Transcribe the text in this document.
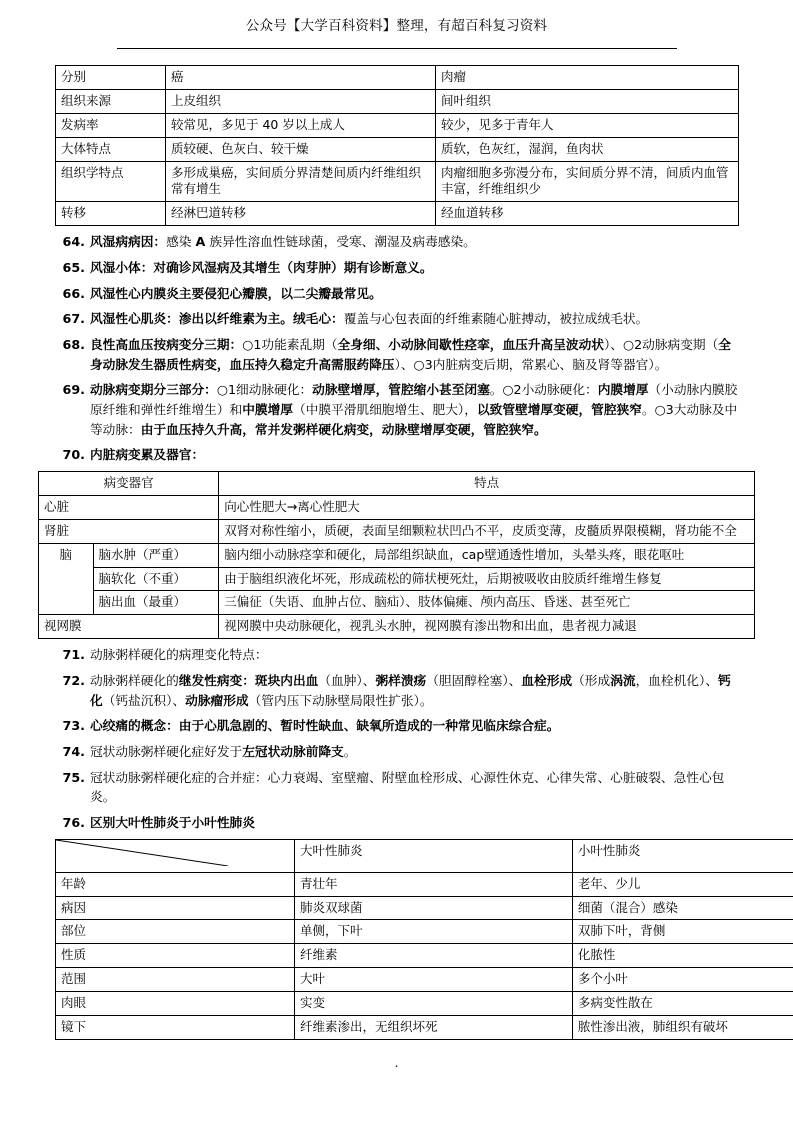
公众号【大学百科资料】整理，有超百科复习资料
分别	癌	肉瘤
组织来源	上皮组织	间叶组织
发病率	较常见，多见于 40 岁以上成人	较少，见多于青年人
大体特点	质较硬、色灰白、较干燥	质软，色灰红，湿润，鱼肉状
组织学特点	多形成巢癌，实间质分界清楚间质内纤维组织常有增生	肉瘤细胞多弥漫分布，实间质分界不清，间质内血管丰富，纤维组织少
转移	经淋巴道转移	经血道转移
64. 风湿病病因：感染 A 族异性溶血性链球菌，受寒、潮湿及病毒感染。
65. 风湿小体：对确诊风湿病及其增生（肉芽肿）期有诊断意义。
66. 风湿性心内膜炎主要侵犯心瓣膜，以二尖瓣最常见。
67. 风湿性心肌炎：渗出以纤维素为主。绒毛心：覆盖与心包表面的纤维素随心脏搏动，被拉成绒毛状。
68. 良性高血压按病变分三期：○1功能素乱期（全身细、小动脉间歇性痉挛，血压升高呈波动状）、○2动脉病变期（全身动脉发生器质性病变，血压持久稳定升高需服药降压）、○3内脏病变后期，常累心、脑及肾等器官）。
69. 动脉病变期分三部分：○1细动脉硬化：动脉壁增厚，管腔缩小甚至闭塞。○2小动脉硬化：内膜增厚（小动脉内膜胶原纤维和弹性纤维增生）和中膜增厚（中膜平滑肌细胞增生、肥大），以致管壁增厚变硬，管腔狭窄。○3大动脉及中等动脉：由于血压持久升高，常并发粥样硬化病变，动脉壁增厚变硬，管腔狭窄。
70. 内脏病变累及器官：
病变器官		特点
心脏		向心性肥大→离心性肥大
肾脏		双肾对称性缩小，质硬，表面呈细颗粒状凹凸不平，皮质变薄，皮髓质界限模糊，肾功能不全
脑	脑水肿（严重）	脑内细小动脉痉挛和硬化，局部组织缺血，cap壁通透性增加，头晕头疼，眼花呕吐
	脑软化（不重）	由于脑组织液化坏死，形成疏松的筛状梗死灶，后期被吸收由胶质纤维增生修复
	脑出血（最重）	三偏征（失语、血肿占位、脑疝）、肢体偏瘫、颅内高压、昏迷、甚至死亡
视网膜		视网膜中央动脉硬化，视乳头水肿，视网膜有渗出物和出血，患者视力减退
71. 动脉粥样硬化的病理变化特点：
72. 动脉粥样硬化的继发性病变：斑块内出血（血肿）、粥样溃疡（胆固醇栓塞）、血栓形成（形成涡流，血栓机化）、钙化（钙盐沉积）、动脉瘤形成（管内压下动脉壁局限性扩张）。
73. 心绞痛的概念：由于心肌急剧的、暂时性缺血、缺氧所造成的一种常见临床综合症。
74. 冠状动脉粥样硬化症好发于左冠状动脉前降支。
75. 冠状动脉粥样硬化症的合并症：心力衰竭、室壁瘤、附壁血栓形成、心源性休克、心律失常、心脏破裂、急性心包炎。
76. 区别大叶性肺炎于小叶性肺炎
	大叶性肺炎	小叶性肺炎
年龄	青壮年	老年、少儿
病因	肺炎双球菌	细菌（混合）感染
部位	单侧，下叶	双肺下叶，背侧
性质	纤维素	化脓性
范围	大叶	多个小叶
肉眼	实变	多病变性散在
镜下	纤维素渗出，无组织坏死	脓性渗出液，肺组织有破坏
.
